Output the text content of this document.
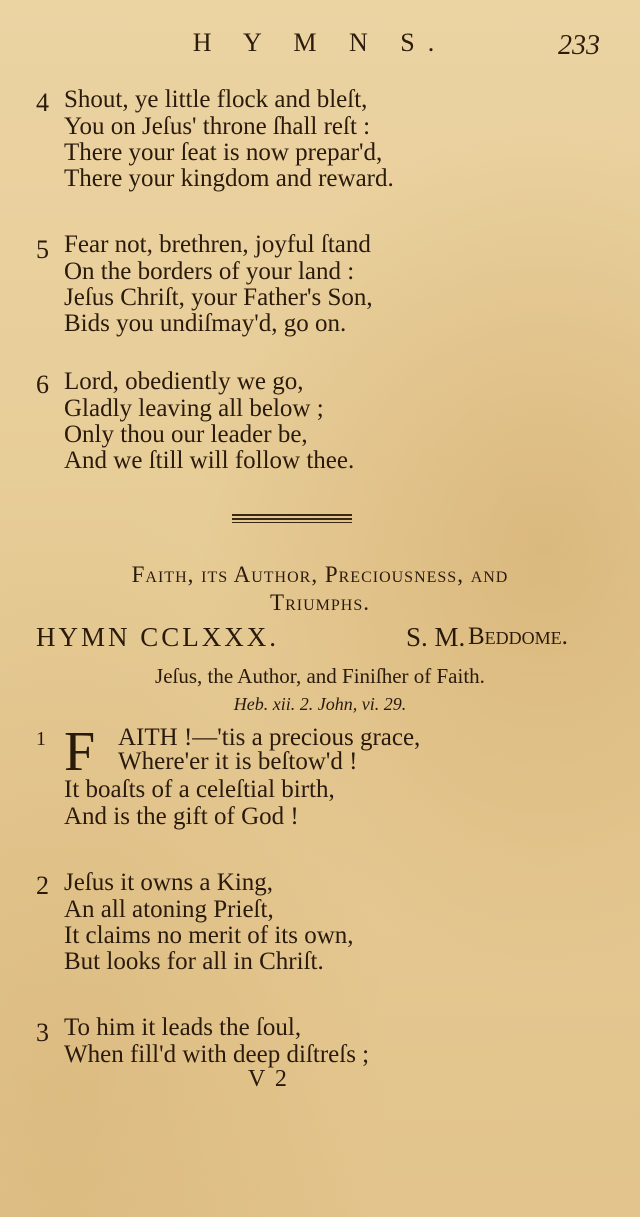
H Y M N S.	233
4 Shout, ye little flock and bleſt,
You on Jeſus' throne ſhall reſt :
There your ſeat is now prepar'd,
There your kingdom and reward.
5 Fear not, brethren, joyful ſtand
On the borders of your land :
Jeſus Chriſt, your Father's Son,
Bids you undiſmay'd, go on.
6 Lord, obediently we go,
Gladly leaving all below ;
Only thou our leader be,
And we ſtill will follow thee.
Faith, its Author, Preciousness, and
Triumphs.
HYMN CCLXXX.	S. M. Beddome.
Jeſus, the Author, and Finiſher of Faith.
Heb. xii. 2. John, vi. 29.
1	AITH !—'tis a precious grace,
Where'er it is beſtow'd !
It boaſts of a celeſtial birth,
And is the gift of God !
F
2 Jeſus it owns a King,
An all atoning Prieſt,
It claims no merit of its own,
But looks for all in Chriſt.
3 To him it leads the ſoul,
When fill'd with deep diſtreſs ;
V 2
